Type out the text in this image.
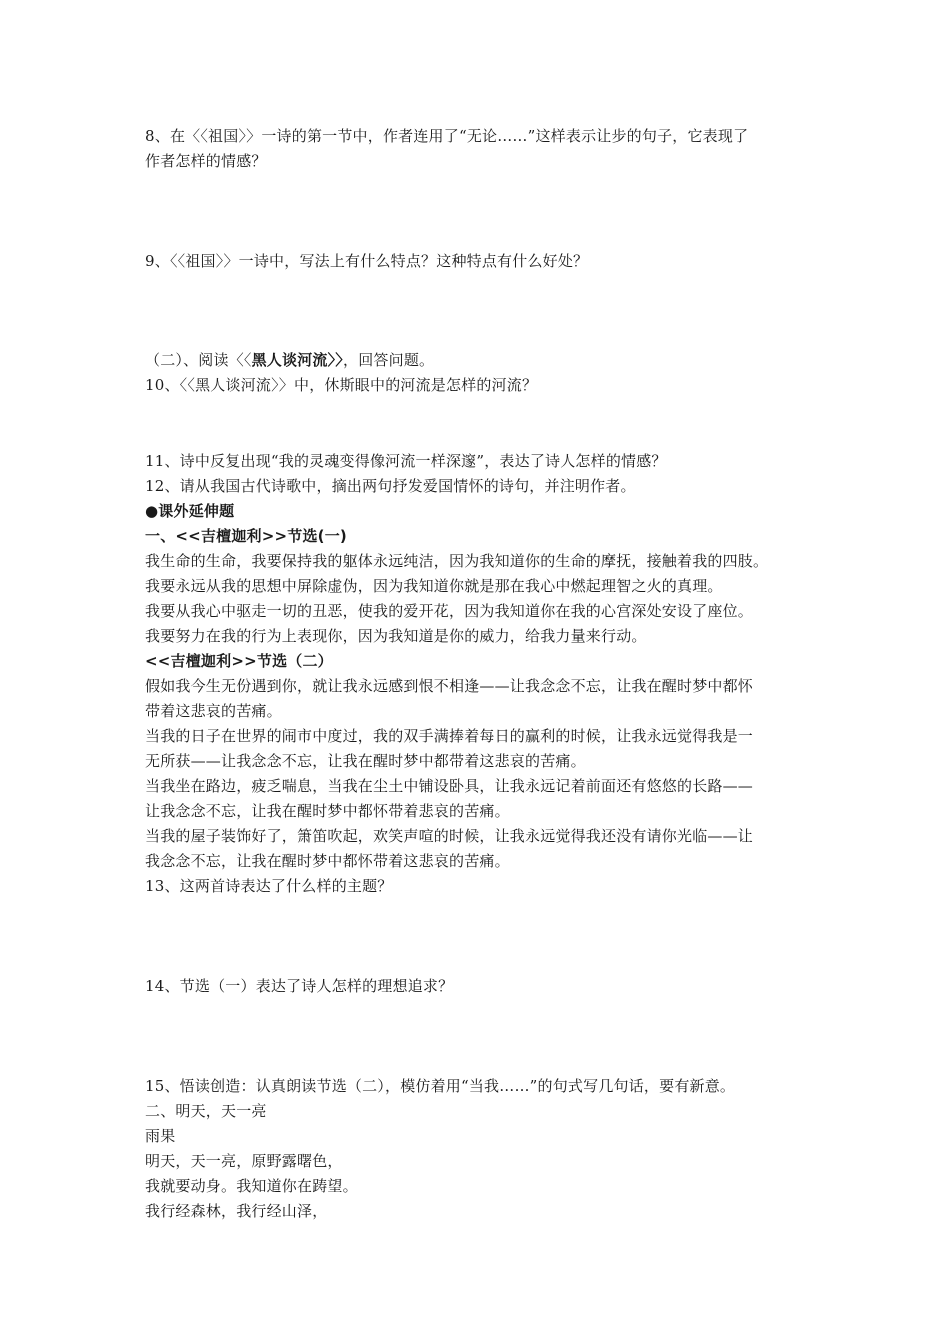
8、在〈〈祖国〉〉一诗的第一节中，作者连用了“无论……”这样表示让步的句子，它表现了
作者怎样的情感？
9、〈〈祖国〉〉一诗中，写法上有什么特点？这种特点有什么好处？
（二）、阅读〈〈黑人谈河流〉〉，回答问题。
10、〈〈黑人谈河流〉〉中，休斯眼中的河流是怎样的河流？
11、诗中反复出现“我的灵魂变得像河流一样深邃”，表达了诗人怎样的情感？
12、请从我国古代诗歌中，摘出两句抒发爱国情怀的诗句，并注明作者。
●课外延伸题
一、<<吉檀迦利>>节选(一)
我生命的生命，我要保持我的躯体永远纯洁，因为我知道你的生命的摩抚，接触着我的四肢。
我要永远从我的思想中屏除虚伪，因为我知道你就是那在我心中燃起理智之火的真理。
我要从我心中驱走一切的丑恶，使我的爱开花，因为我知道你在我的心宫深处安设了座位。
我要努力在我的行为上表现你，因为我知道是你的威力，给我力量来行动。
<<吉檀迦利>>节选（二）
假如我今生无份遇到你，就让我永远感到恨不相逢——让我念念不忘，让我在醒时梦中都怀
带着这悲哀的苦痛。
当我的日子在世界的闹市中度过，我的双手满捧着每日的赢利的时候，让我永远觉得我是一
无所获——让我念念不忘，让我在醒时梦中都带着这悲哀的苦痛。
当我坐在路边，疲乏喘息，当我在尘土中铺设卧具，让我永远记着前面还有悠悠的长路——
让我念念不忘，让我在醒时梦中都怀带着悲哀的苦痛。
当我的屋子装饰好了，箫笛吹起，欢笑声喧的时候，让我永远觉得我还没有请你光临——让
我念念不忘，让我在醒时梦中都怀带着这悲哀的苦痛。
13、这两首诗表达了什么样的主题？
14、节选（一）表达了诗人怎样的理想追求？
15、悟读创造：认真朗读节选（二），模仿着用“当我……”的句式写几句话，要有新意。
二、明天，天一亮
雨果
明天，天一亮，原野露曙色，
我就要动身。我知道你在踌望。
我行经森林，我行经山泽，
